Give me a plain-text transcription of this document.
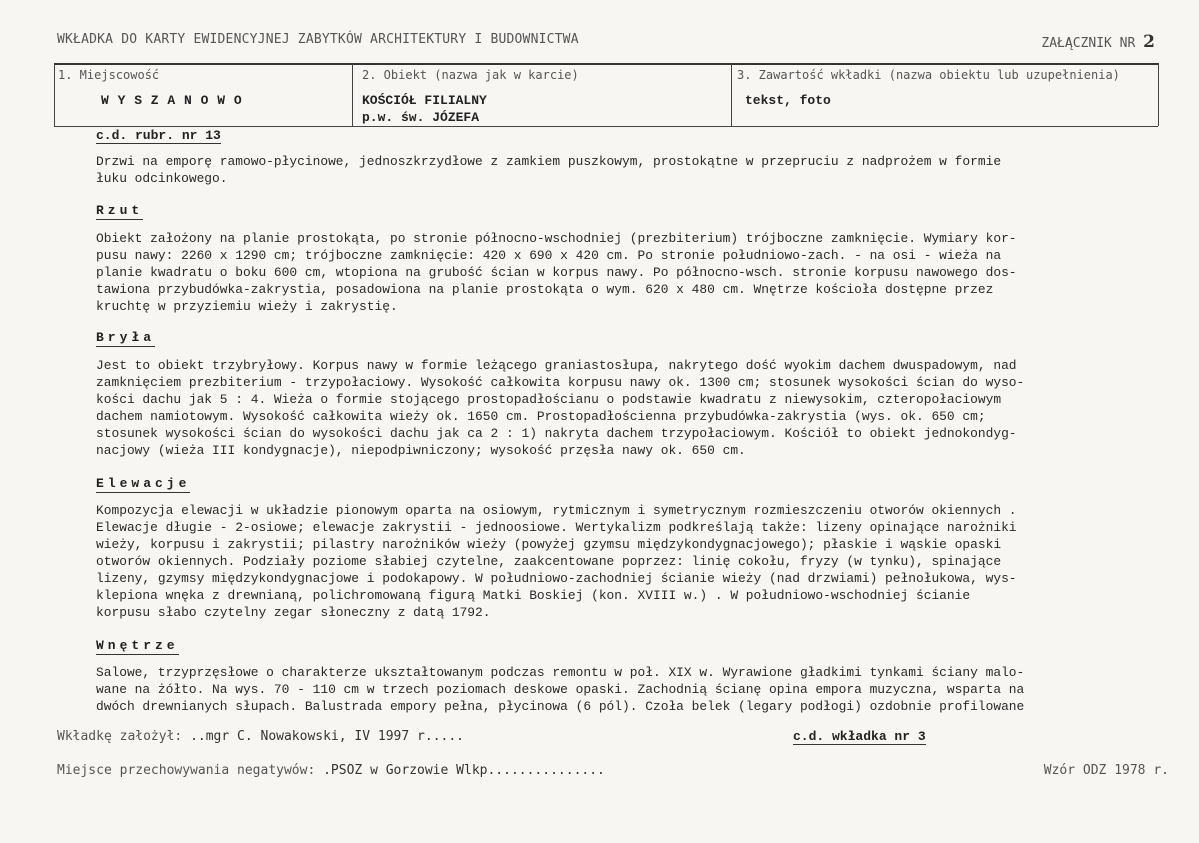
WKŁADKA DO KARTY EWIDENCYJNEJ ZABYTKÓW ARCHITEKTURY I BUDOWNICTWA	ZAŁĄCZNIK NR 2
1. Miejscowość
W Y S Z A N O W O
2. Obiekt (nazwa jak w karcie)
KOŚCIÓŁ FILIALNY
p.w. św. JÓZEFA
3. Zawartość wkładki (nazwa obiektu lub uzupełnienia)
tekst, foto
c.d. rubr. nr 13
Drzwi na emporę ramowo-płycinowe, jednoszkrzydłowe z zamkiem puszkowym, prostokątne w przepruciu z nadprożem w formie
łuku odcinkowego.
Rzut
Obiekt założony na planie prostokąta, po stronie północno-wschodniej (prezbiterium) trójboczne zamknięcie. Wymiary kor-
pusu nawy: 2260 x 1290 cm; trójboczne zamknięcie: 420 x 690 x 420 cm. Po stronie południowo-zach. - na osi - wieża na
planie kwadratu o boku 600 cm, wtopiona na grubość ścian w korpus nawy. Po północno-wsch. stronie korpusu nawowego dos-
tawiona przybudówka-zakrystia, posadowiona na planie prostokąta o wym. 620 x 480 cm. Wnętrze kościoła dostępne przez
kruchtę w przyziemiu wieży i zakrystię.
Bryła
Jest to obiekt trzybryłowy. Korpus nawy w formie leżącego graniastosłupa, nakrytego dość wyokim dachem dwuspadowym, nad
zamknięciem prezbiterium - trzypołaciowy. Wysokość całkowita korpusu nawy ok. 1300 cm; stosunek wysokości ścian do wyso-
kości dachu jak 5 : 4. Wieża o formie stojącego prostopadłościanu o podstawie kwadratu z niewysokim, czteropołaciowym
dachem namiotowym. Wysokość całkowita wieży ok. 1650 cm. Prostopadłościenna przybudówka-zakrystia (wys. ok. 650 cm;
stosunek wysokości ścian do wysokości dachu jak ca 2 : 1) nakryta dachem trzypołaciowym. Kościół to obiekt jednokondyg-
nacjowy (wieża III kondygnacje), niepodpiwniczony; wysokość przęsła nawy ok. 650 cm.
Elewacje
Kompozycja elewacji w układzie pionowym oparta na osiowym, rytmicznym i symetrycznym rozmieszczeniu otworów okiennych .
Elewacje długie - 2-osiowe; elewacje zakrystii - jednoosiowe. Wertykalizm podkreślają także: lizeny opinające narożniki
wieży, korpusu i zakrystii; pilastry narożników wieży (powyżej gzymsu międzykondygnacjowego); płaskie i wąskie opaski
otworów okiennych. Podziały poziome słabiej czytelne, zaakcentowane poprzez: linię cokołu, fryzy (w tynku), spinające
lizeny, gzymsy międzykondygnacjowe i podokapowy. W południowo-zachodniej ścianie wieży (nad drzwiami) pełnołukowa, wys-
klepiona wnęka z drewnianą, polichromowaną figurą Matki Boskiej (kon. XVIII w.) . W południowo-wschodniej ścianie
korpusu słabo czytelny zegar słoneczny z datą 1792.
Wnętrze
Salowe, trzyprzęsłowe o charakterze ukształtowanym podczas remontu w poł. XIX w. Wyrawione gładkimi tynkami ściany malo-
wane na żółto. Na wys. 70 - 110 cm w trzech poziomach deskowe opaski. Zachodnią ścianę opina empora muzyczna, wsparta na
dwóch drewnianych słupach. Balustrada empory pełna, płycinowa (6 pól). Czoła belek (legary podłogi) ozdobnie profilowane
Wkładkę założył: ..mgr C. Nowakowski, IV 1997 r.....	c.d. wkładka nr 3
Miejsce przechowywania negatywów: .PSOZ w Gorzowie Wlkp...............	Wzór ODZ 1978 r.
